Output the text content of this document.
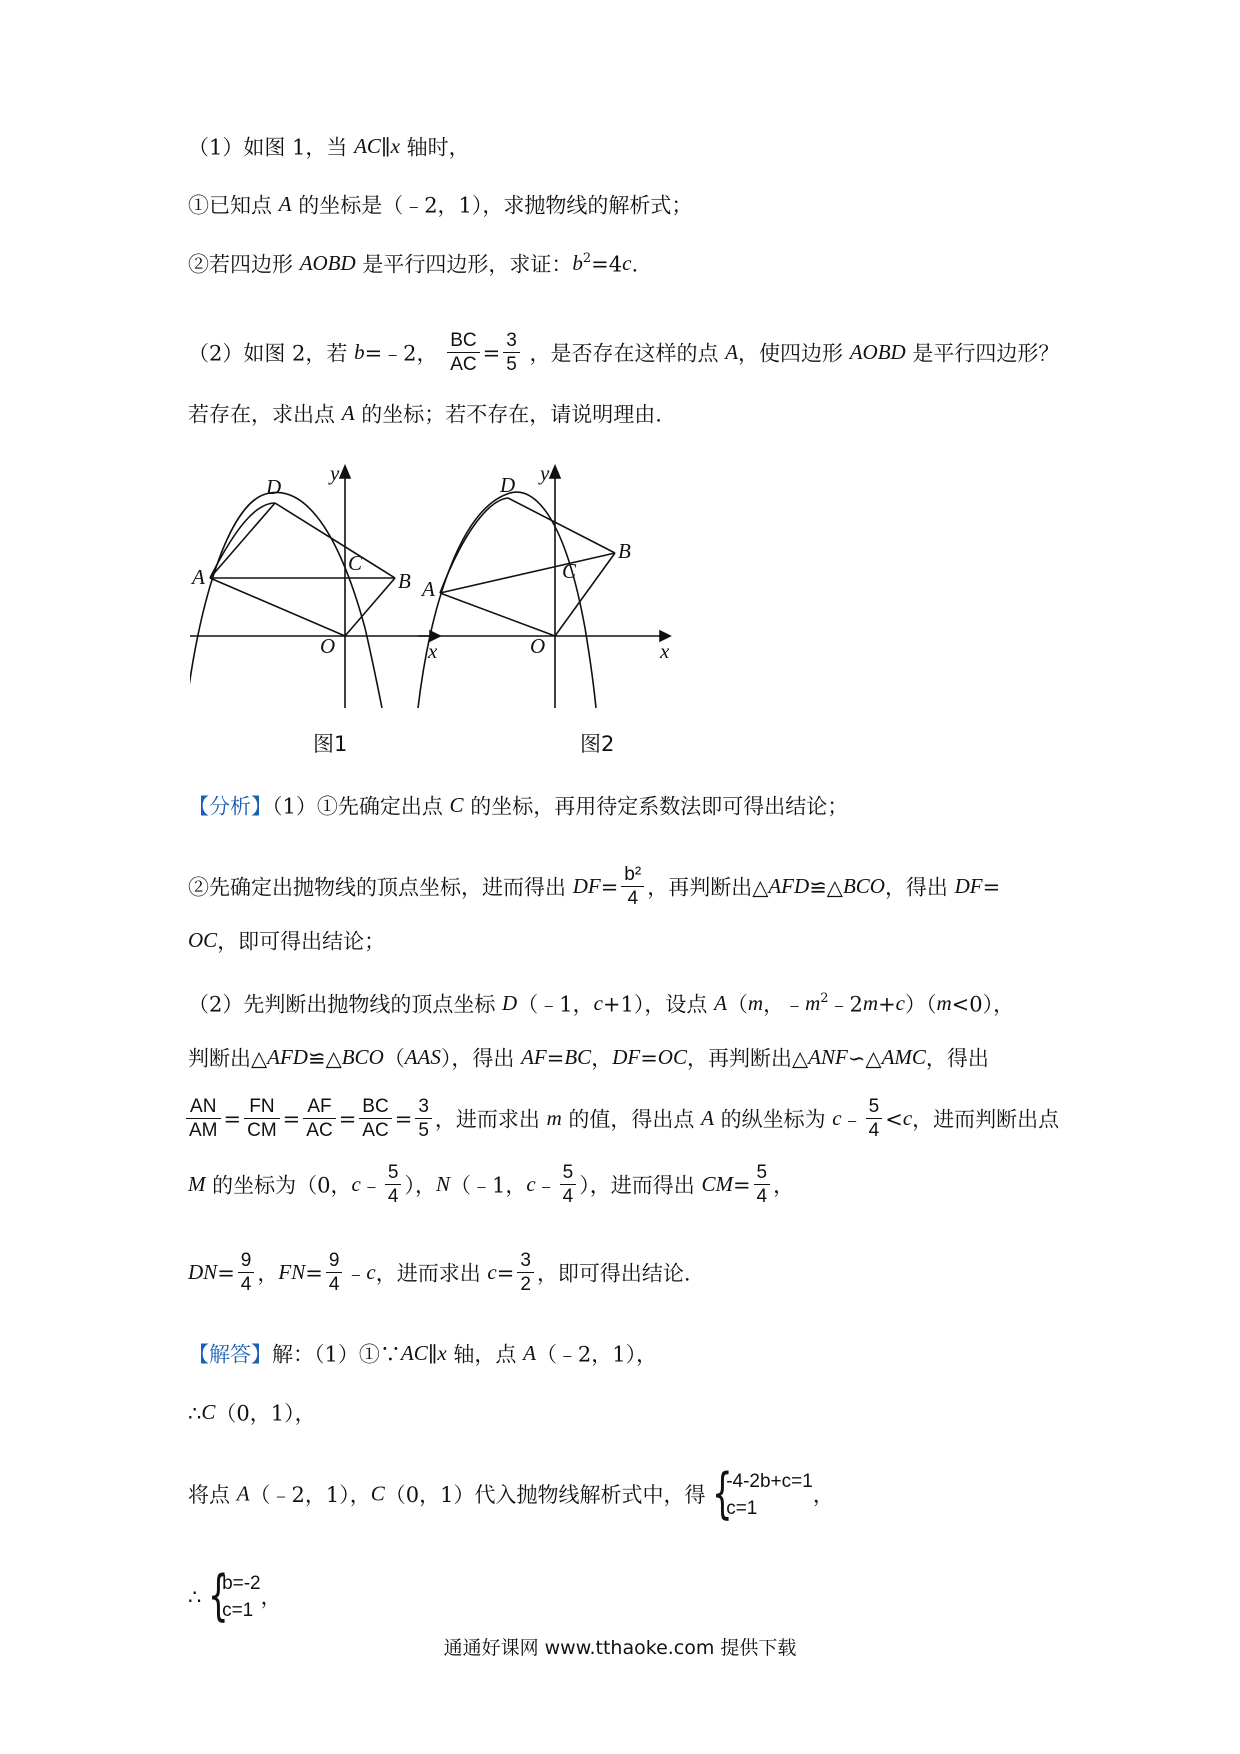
（1）如图 1，当 AC∥x 轴时，
①已知点 A 的坐标是（﹣2，1），求抛物线的解析式；
②若四边形 AOBD 是平行四边形，求证：$b^2=4c$.
（2）如图 2，若 b=﹣2， $\frac{BC}{AC} = \frac{3}{5}$ ，是否存在这样的点 A，使四边形 AOBD 是平行四边形？
若存在，求出点 A 的坐标；若不存在，请说明理由.
y
x
D
A
C
B
O
y
x
D
A
C
B
O
图1	图2
【分析】（1）①先确定出点 C 的坐标，再用待定系数法即可得出结论；
②先确定出抛物线的顶点坐标，进而得出 $DF= \frac{\text{b²}}{4}$ ，再判断出△AFD≌△BCO，得出 DF=
OC，即可得出结论；
（2）先判断出抛物线的顶点坐标 D（﹣1，c+1），设点 A（m，$﹣m^2﹣2m+c)(m<0)$，
判断出△AFD≌△BCO（AAS），得出 AF=BC，DF=OC，再判断出△ANF∽△AMC，得出
$\frac{AN}{AM} = \frac{FN}{CM} = \frac{AF}{AC} = \frac{BC}{AC} = \frac{3}{5}$ ，进而求出 m 的值，得出点 A 的纵坐标为 c﹣ $\frac{5}{4} <c$，进而判断出点
M 的坐标为（0，c﹣ $\frac{5}{4}$ ），N（﹣1，c﹣ $\frac{5}{4}$ ），进而得出 $CM= \frac{5}{4}$ ，
$DN= \frac{9}{4}$ ，$FN= \frac{9}{4}$ ﹣c，进而求出 $c= \frac{3}{2}$ ，即可得出结论.
【解答】解：（1）①∵AC∥x 轴，点 A（﹣2，1），
∴C（0，1），
将点 A（﹣2，1），C（0，1）代入抛物线解析式中，得 {
-4-2b+c=1
c=1
，
∴ {
b=-2
c=1
，
通通好课网 www.tthaoke.com 提供下载
